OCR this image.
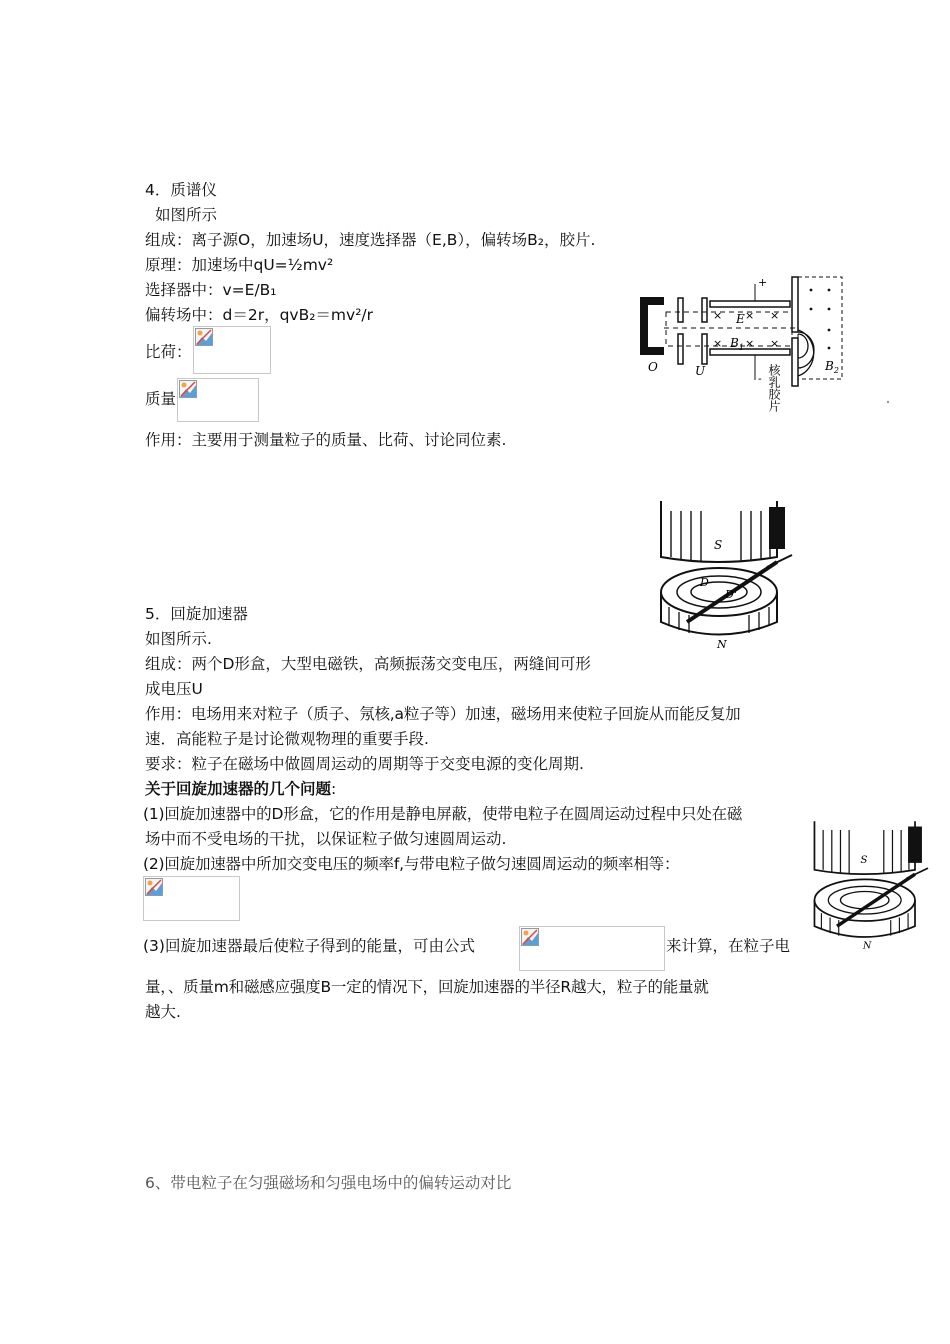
4．质谱仪
如图所示
组成：离子源O，加速场U，速度选择器（E,B），偏转场B₂，胶片.
原理：加速场中qU=½mv²
选择器中：v=E/B₁
偏转场中：d＝2r，qvB₂＝mv²/r
比荷：
质量
作用：主要用于测量粒子的质量、比荷、讨论同位素.
+
-
× × ×
× × ×
E
$B_1$
$B_2$
O	U	核乳胶片
S
D
D'
N
5．回旋加速器
如图所示.
组成：两个D形盒，大型电磁铁，高频振荡交变电压，两缝间可形
成电压U
作用：电场用来对粒子（质子、氖核,a粒子等）加速，磁场用来使粒子回旋从而能反复加
速．高能粒子是讨论微观物理的重要手段.
要求：粒子在磁场中做圆周运动的周期等于交变电源的变化周期.
关于回旋加速器的几个问题:
(1)回旋加速器中的D形盒，它的作用是静电屏蔽，使带电粒子在圆周运动过程中只处在磁
场中而不受电场的干扰，以保证粒子做匀速圆周运动.
(2)回旋加速器中所加交变电压的频率f,与带电粒子做匀速圆周运动的频率相等：	S
N
(3)回旋加速器最后使粒子得到的能量，可由公式	来计算，在粒子电
量，、质量m和磁感应强度B一定的情况下，回旋加速器的半径R越大，粒子的能量就
越大.
6、带电粒子在匀强磁场和匀强电场中的偏转运动对比
